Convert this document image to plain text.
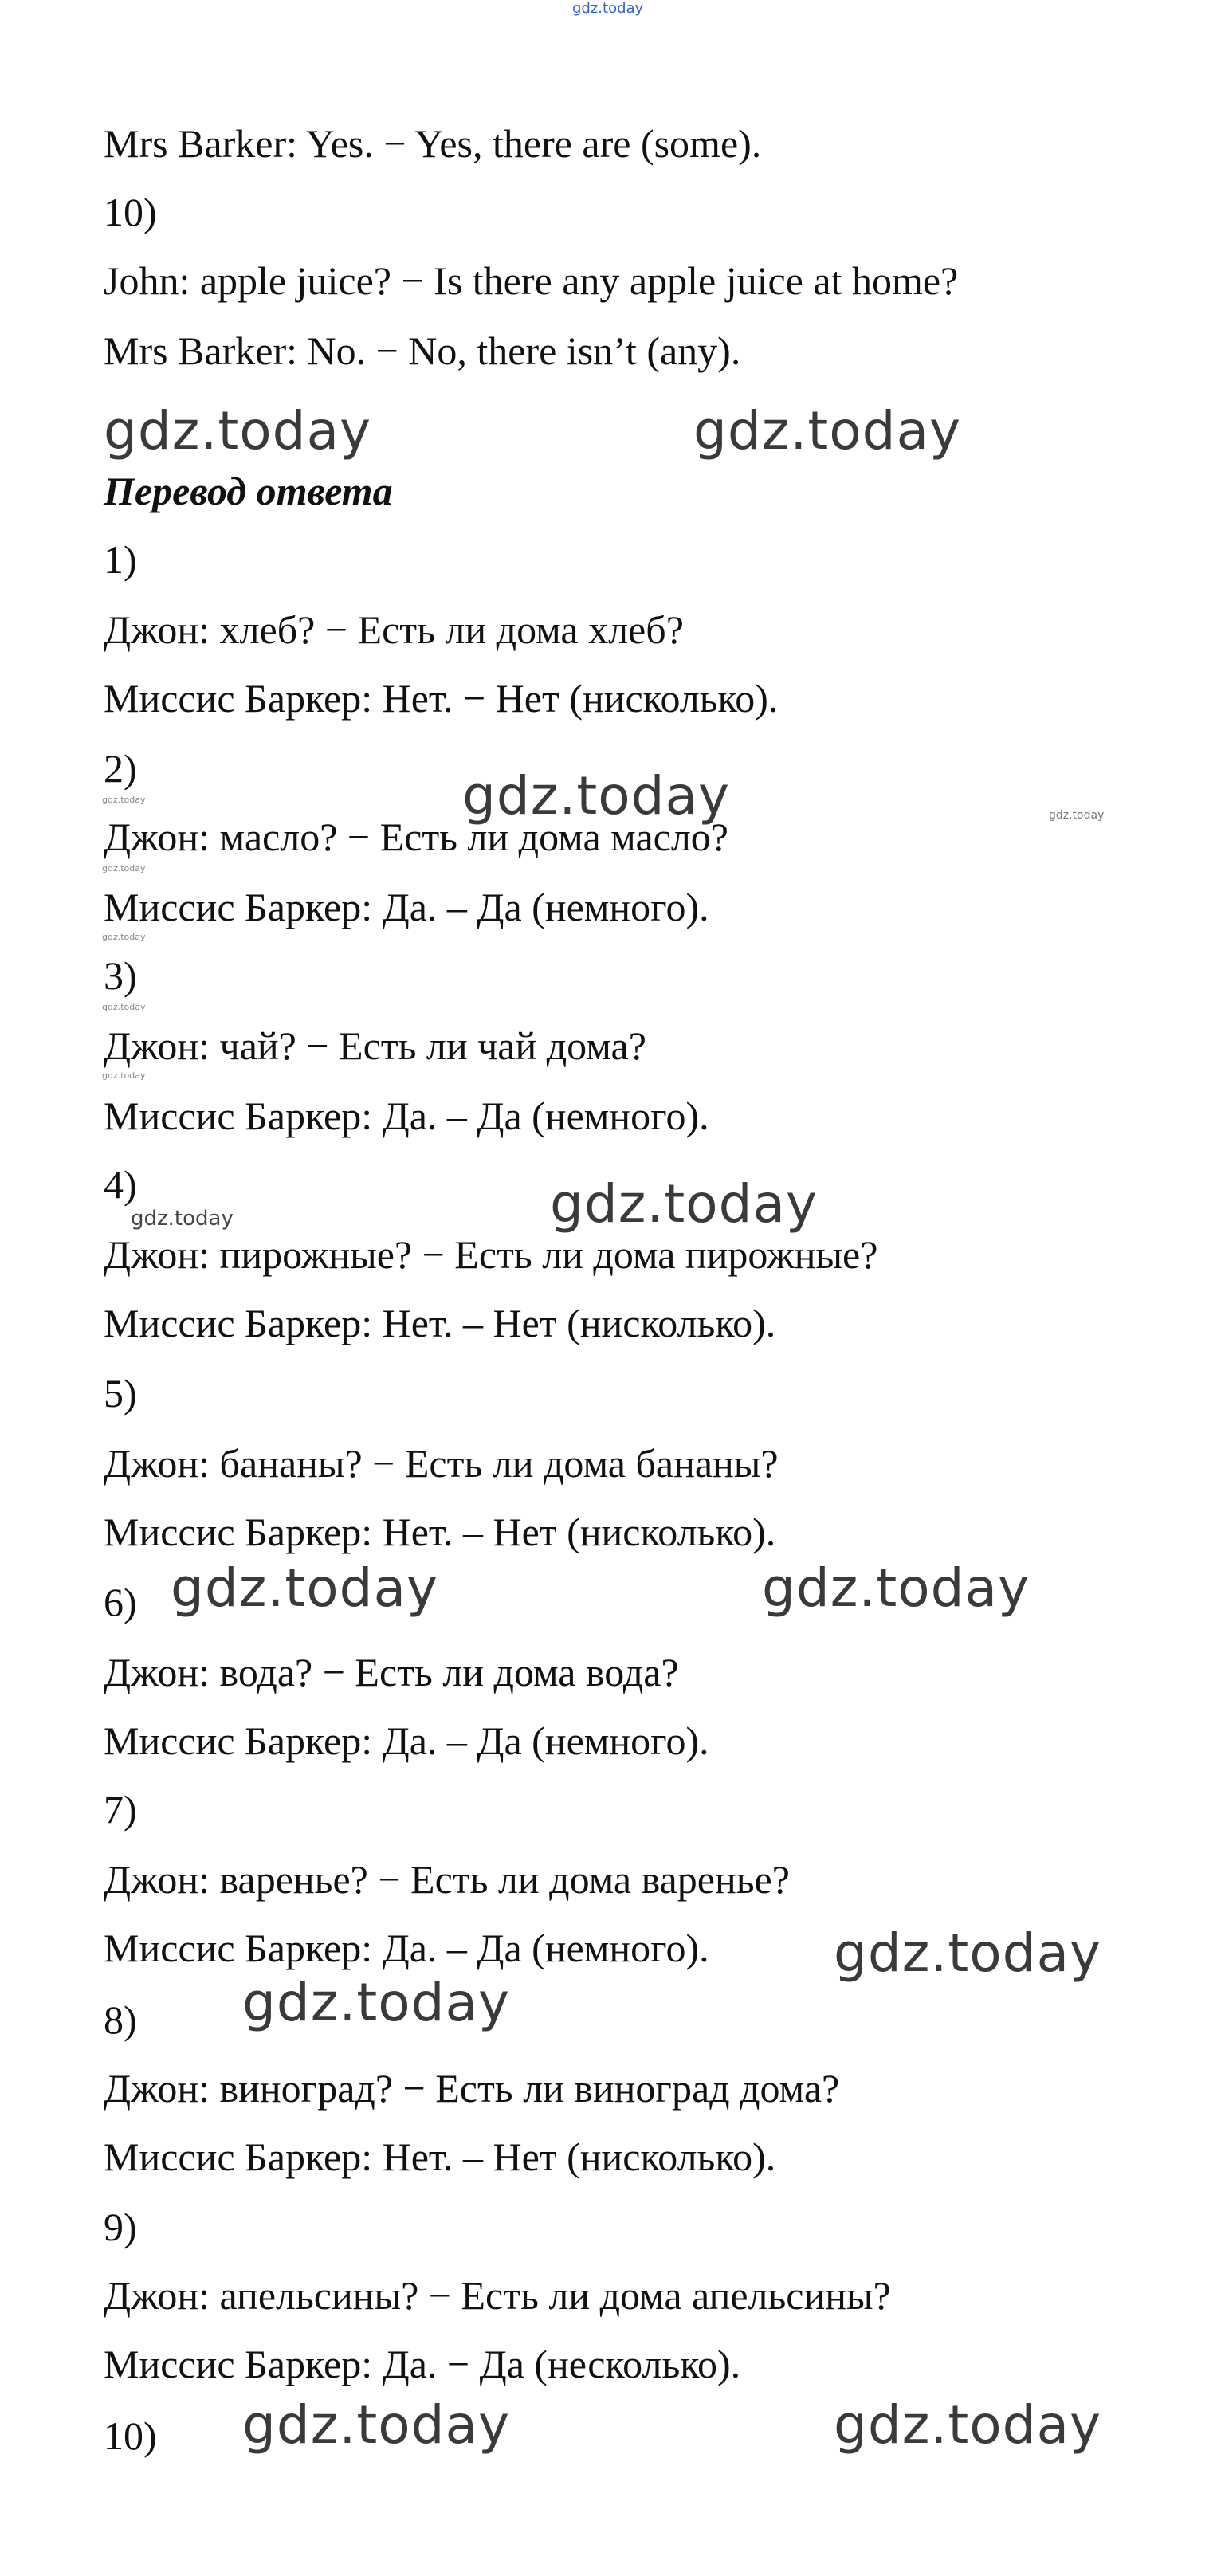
Mrs Barker: Yes. − Yes, there are (some).
10)
John: apple juice? − Is there any apple juice at home?
Mrs Barker: No. − No, there isn’t (any).
Перевод ответа
1)
Джон: хлеб? − Есть ли дома хлеб?
Миссис Баркер: Нет. − Нет (нисколько).
2)
Джон: масло? − Есть ли дома масло?
Миссис Баркер: Да. – Да (немного).
3)
Джон: чай? − Есть ли чай дома?
Миссис Баркер: Да. – Да (немного).
4)
Джон: пирожные? − Есть ли дома пирожные?
Миссис Баркер: Нет. – Нет (нисколько).
5)
Джон: бананы? − Есть ли дома бананы?
Миссис Баркер: Нет. – Нет (нисколько).
6)
Джон: вода? − Есть ли дома вода?
Миссис Баркер: Да. – Да (немного).
7)
Джон: варенье? − Есть ли дома варенье?
Миссис Баркер: Да. – Да (немного).
8)
Джон: виноград? − Есть ли виноград дома?
Миссис Баркер: Нет. – Нет (нисколько).
9)
Джон: апельсины? − Есть ли дома апельсины?
Миссис Баркер: Да. − Да (несколько).
10)
gdz.today
gdz.today	gdz.today
gdz.today	gdz.today
gdz.today
gdz.today
gdz.today
gdz.today
gdz.today
gdz.today	gdz.today
gdz.today	gdz.today
gdz.today
gdz.today
gdz.today	gdz.today
